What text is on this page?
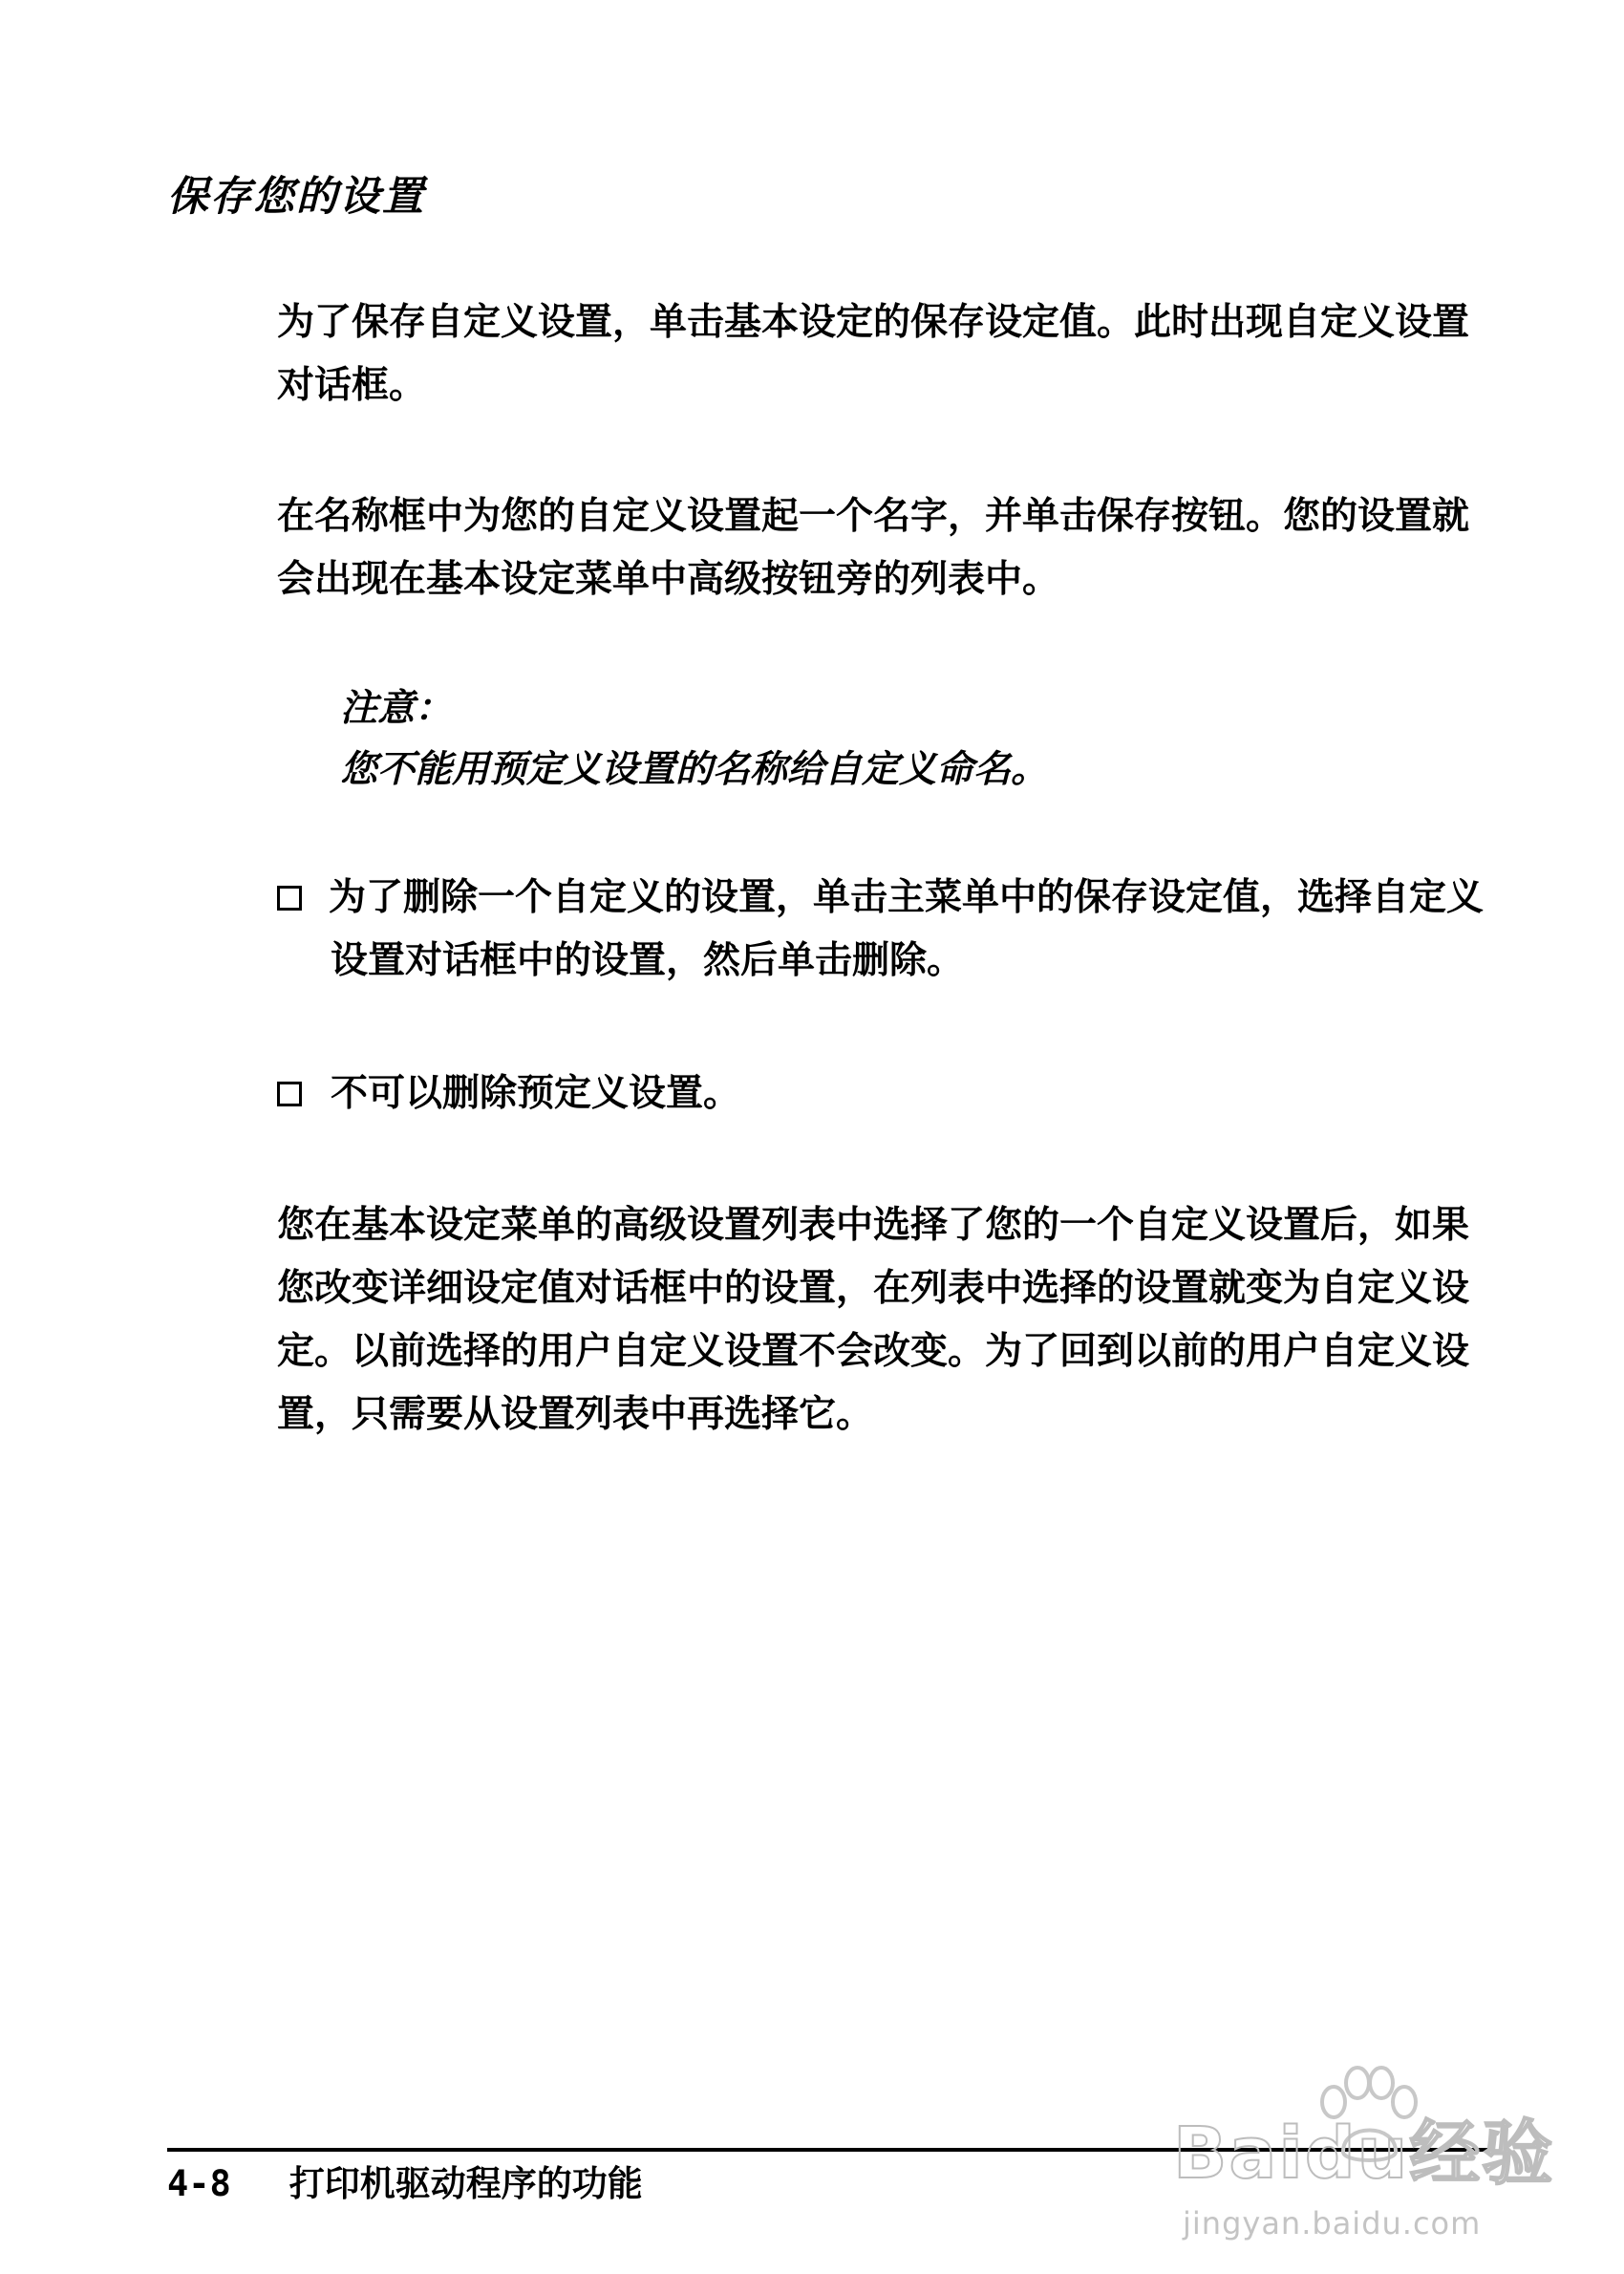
保存您的设置

为了保存自定义设置，单击基本设定的保存设定值。此时出现自定义设置对话框。

在名称框中为您的自定义设置起一个名字，并单击保存按钮。您的设置就会出现在基本设定菜单中高级按钮旁的列表中。

注意：
您不能用预定义设置的名称给自定义命名。
为了删除一个自定义的设置，单击主菜单中的保存设定值，选择自定义设置对话框中的设置，然后单击删除。
不可以删除预定义设置。

您在基本设定菜单的高级设置列表中选择了您的一个自定义设置后，如果您改变详细设定值对话框中的设置，在列表中选择的设置就变为自定义设定。以前选择的用户自定义设置不会改变。为了回到以前的用户自定义设置，只需要从设置列表中再选择它。

4-8 打印机驱动程序的功能	Baidu经验
jingyan.baidu.com
